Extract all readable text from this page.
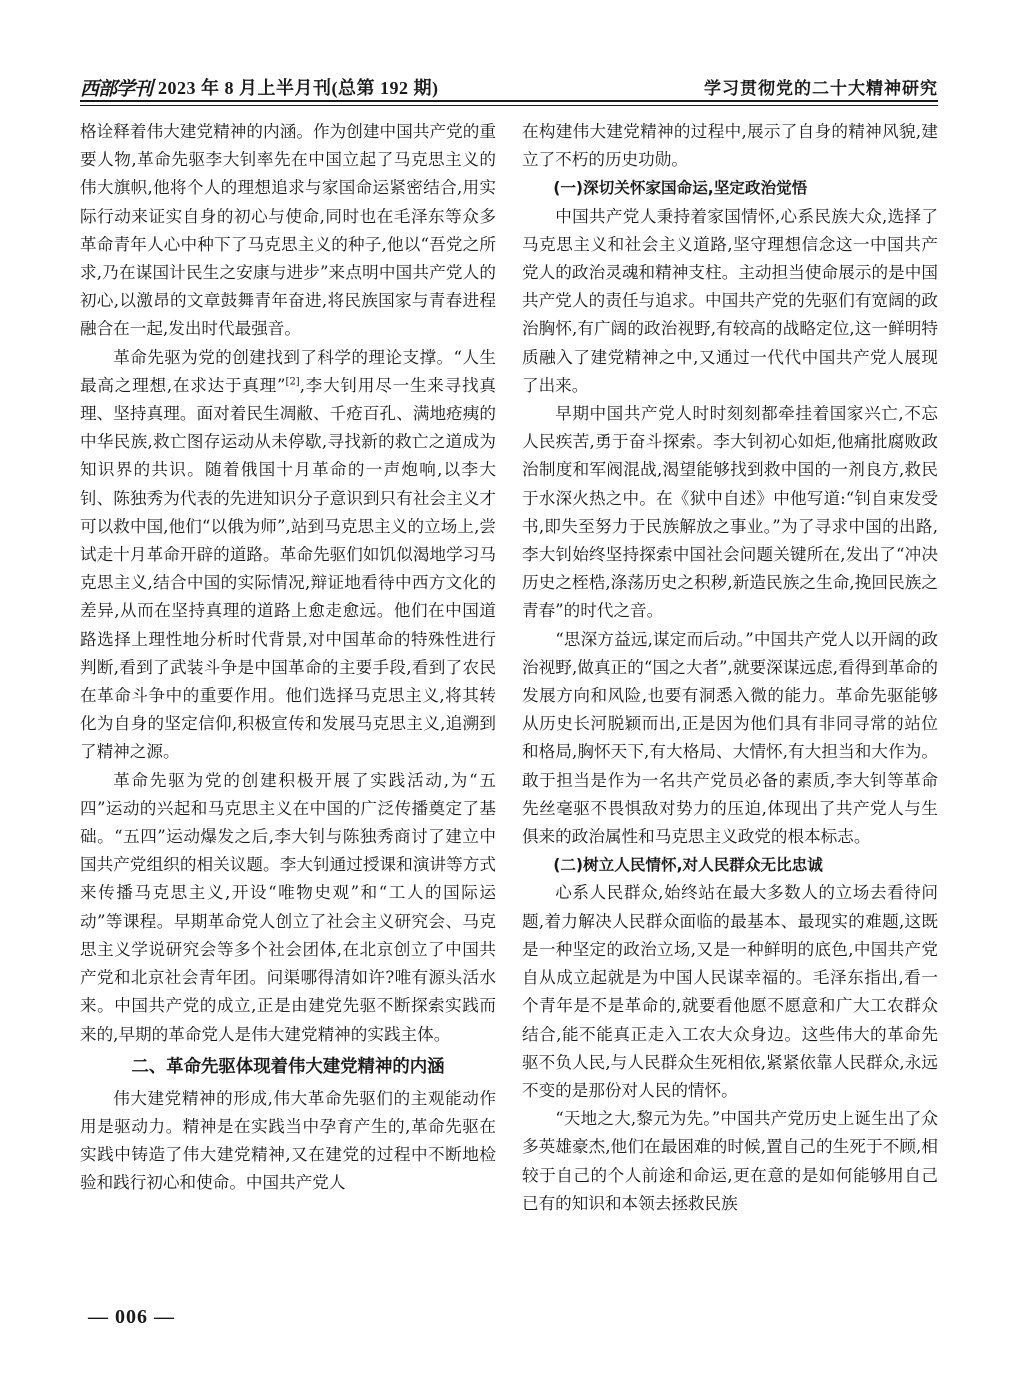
西部学刊 2023 年 8 月上半月刊(总第 192 期)	学习贯彻党的二十大精神研究

格诠释着伟大建党精神的内涵。作为创建中国共产党的重要人物,革命先驱李大钊率先在中国立起了马克思主义的伟大旗帜,他将个人的理想追求与家国命运紧密结合,用实际行动来证实自身的初心与使命,同时也在毛泽东等众多革命青年人心中种下了马克思主义的种子,他以“吾党之所求,乃在谋国计民生之安康与进步”来点明中国共产党人的初心,以激昂的文章鼓舞青年奋进,将民族国家与青春进程融合在一起,发出时代最强音。

革命先驱为党的创建找到了科学的理论支撑。“人生最高之理想,在求达于真理”[2],李大钊用尽一生来寻找真理、坚持真理。面对着民生凋敝、千疮百孔、满地疮痍的中华民族,救亡图存运动从未停歇,寻找新的救亡之道成为知识界的共识。随着俄国十月革命的一声炮响,以李大钊、陈独秀为代表的先进知识分子意识到只有社会主义才可以救中国,他们“以俄为师”,站到马克思主义的立场上,尝试走十月革命开辟的道路。革命先驱们如饥似渴地学习马克思主义,结合中国的实际情况,辩证地看待中西方文化的差异,从而在坚持真理的道路上愈走愈远。他们在中国道路选择上理性地分析时代背景,对中国革命的特殊性进行判断,看到了武装斗争是中国革命的主要手段,看到了农民在革命斗争中的重要作用。他们选择马克思主义,将其转化为自身的坚定信仰,积极宣传和发展马克思主义,追溯到了精神之源。

革命先驱为党的创建积极开展了实践活动,为“五四”运动的兴起和马克思主义在中国的广泛传播奠定了基础。“五四”运动爆发之后,李大钊与陈独秀商讨了建立中国共产党组织的相关议题。李大钊通过授课和演讲等方式来传播马克思主义,开设“唯物史观”和“工人的国际运动”等课程。早期革命党人创立了社会主义研究会、马克思主义学说研究会等多个社会团体,在北京创立了中国共产党和北京社会青年团。问渠哪得清如许?唯有源头活水来。中国共产党的成立,正是由建党先驱不断探索实践而来的,早期的革命党人是伟大建党精神的实践主体。

二、革命先驱体现着伟大建党精神的内涵

伟大建党精神的形成,伟大革命先驱们的主观能动作用是驱动力。精神是在实践当中孕育产生的,革命先驱在实践中铸造了伟大建党精神,又在建党的过程中不断地检验和践行初心和使命。中国共产党人

在构建伟大建党精神的过程中,展示了自身的精神风貌,建立了不朽的历史功勋。

(一)深切关怀家国命运,坚定政治觉悟

中国共产党人秉持着家国情怀,心系民族大众,选择了马克思主义和社会主义道路,坚守理想信念这一中国共产党人的政治灵魂和精神支柱。主动担当使命展示的是中国共产党人的责任与追求。中国共产党的先驱们有宽阔的政治胸怀,有广阔的政治视野,有较高的战略定位,这一鲜明特质融入了建党精神之中,又通过一代代中国共产党人展现了出来。

早期中国共产党人时时刻刻都牵挂着国家兴亡,不忘人民疾苦,勇于奋斗探索。李大钊初心如炬,他痛批腐败政治制度和军阀混战,渴望能够找到救中国的一剂良方,救民于水深火热之中。在《狱中自述》中他写道:“钊自束发受书,即失至努力于民族解放之事业。”为了寻求中国的出路,李大钊始终坚持探索中国社会问题关键所在,发出了“冲决历史之桎梏,涤荡历史之积秽,新造民族之生命,挽回民族之青春”的时代之音。

“思深方益远,谋定而后动。”中国共产党人以开阔的政治视野,做真正的“国之大者”,就要深谋远虑,看得到革命的发展方向和风险,也要有洞悉入微的能力。革命先驱能够从历史长河脱颖而出,正是因为他们具有非同寻常的站位和格局,胸怀天下,有大格局、大情怀,有大担当和大作为。敢于担当是作为一名共产党员必备的素质,李大钊等革命先丝毫驱不畏惧敌对势力的压迫,体现出了共产党人与生俱来的政治属性和马克思主义政党的根本标志。

(二)树立人民情怀,对人民群众无比忠诚

心系人民群众,始终站在最大多数人的立场去看待问题,着力解决人民群众面临的最基本、最现实的难题,这既是一种坚定的政治立场,又是一种鲜明的底色,中国共产党自从成立起就是为中国人民谋幸福的。毛泽东指出,看一个青年是不是革命的,就要看他愿不愿意和广大工农群众结合,能不能真正走入工农大众身边。这些伟大的革命先驱不负人民,与人民群众生死相依,紧紧依靠人民群众,永远不变的是那份对人民的情怀。

“天地之大,黎元为先。”中国共产党历史上诞生出了众多英雄豪杰,他们在最困难的时候,置自己的生死于不顾,相较于自己的个人前途和命运,更在意的是如何能够用自己已有的知识和本领去拯救民族

— 006 —
